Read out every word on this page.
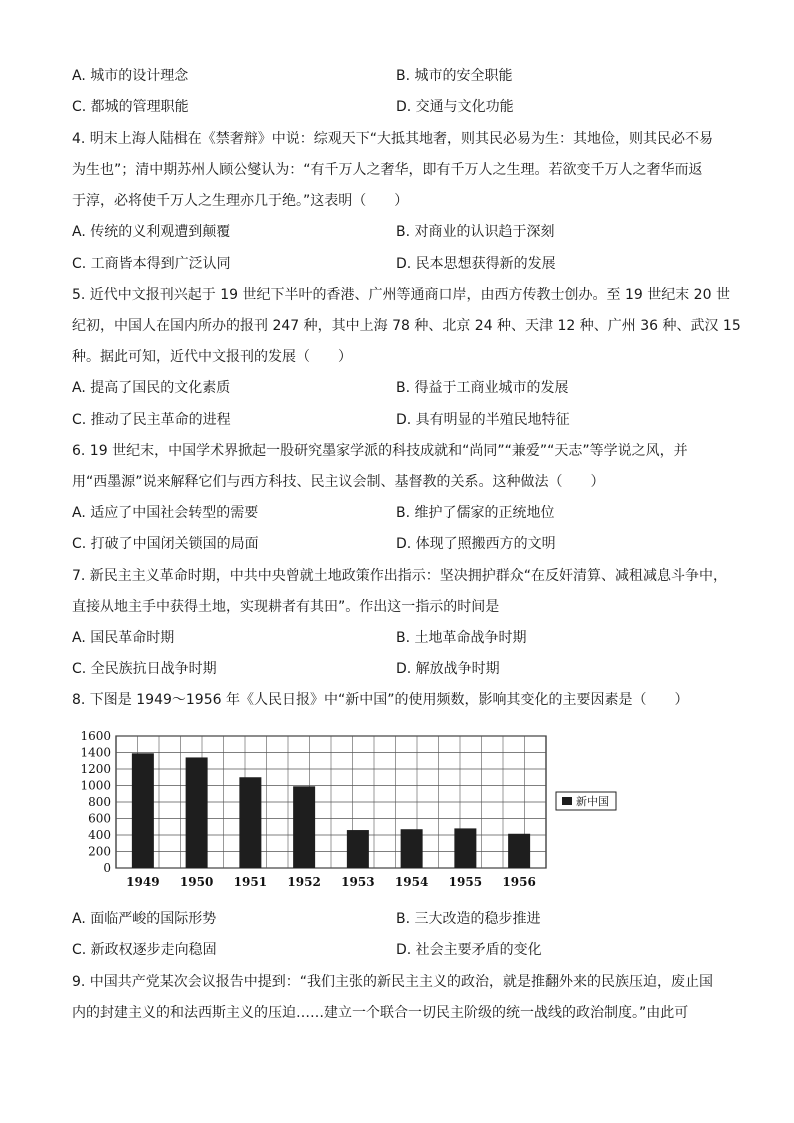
A. 城市的设计理念	B. 城市的安全职能
C. 都城的管理职能	D. 交通与文化功能
4. 明末上海人陆楫在《禁奢辩》中说：综观天下“大抵其地奢，则其民必易为生：其地俭，则其民必不易
为生也”；清中期苏州人顾公燮认为：“有千万人之奢华，即有千万人之生理。若欲变千万人之奢华而返
于淳，必将使千万人之生理亦几于绝。”这表明（　　）
A. 传统的义利观遭到颠覆	B. 对商业的认识趋于深刻
C. 工商皆本得到广泛认同	D. 民本思想获得新的发展
5. 近代中文报刊兴起于 19 世纪下半叶的香港、广州等通商口岸，由西方传教士创办。至 19 世纪末 20 世
纪初，中国人在国内所办的报刊 247 种，其中上海 78 种、北京 24 种、天津 12 种、广州 36 种、武汉 15
种。据此可知，近代中文报刊的发展（　　）
A. 提高了国民的文化素质	B. 得益于工商业城市的发展
C. 推动了民主革命的进程	D. 具有明显的半殖民地特征
6. 19 世纪末，中国学术界掀起一股研究墨家学派的科技成就和“尚同”“兼爱”“天志”等学说之风，并
用“西墨源”说来解释它们与西方科技、民主议会制、基督教的关系。这种做法（　　）
A. 适应了中国社会转型的需要	B. 维护了儒家的正统地位
C. 打破了中国闭关锁国的局面	D. 体现了照搬西方的文明
7. 新民主主义革命时期，中共中央曾就土地政策作出指示：坚决拥护群众“在反奸清算、减租减息斗争中，
直接从地主手中获得土地，实现耕者有其田”。作出这一指示的时间是
A. 国民革命时期	B. 土地革命战争时期
C. 全民族抗日战争时期	D. 解放战争时期
8. 下图是 1949～1956 年《人民日报》中“新中国”的使用频数，影响其变化的主要因素是（　　）
0
200
400
600
800
1000
1200
1400
1600
1949 1950 1951 1952 1953 1954 1955 1956
新中国
A. 面临严峻的国际形势	B. 三大改造的稳步推进
C. 新政权逐步走向稳固	D. 社会主要矛盾的变化
9. 中国共产党某次会议报告中提到：“我们主张的新民主主义的政治，就是推翻外来的民族压迫，废止国
内的封建主义的和法西斯主义的压迫……建立一个联合一切民主阶级的统一战线的政治制度。”由此可
